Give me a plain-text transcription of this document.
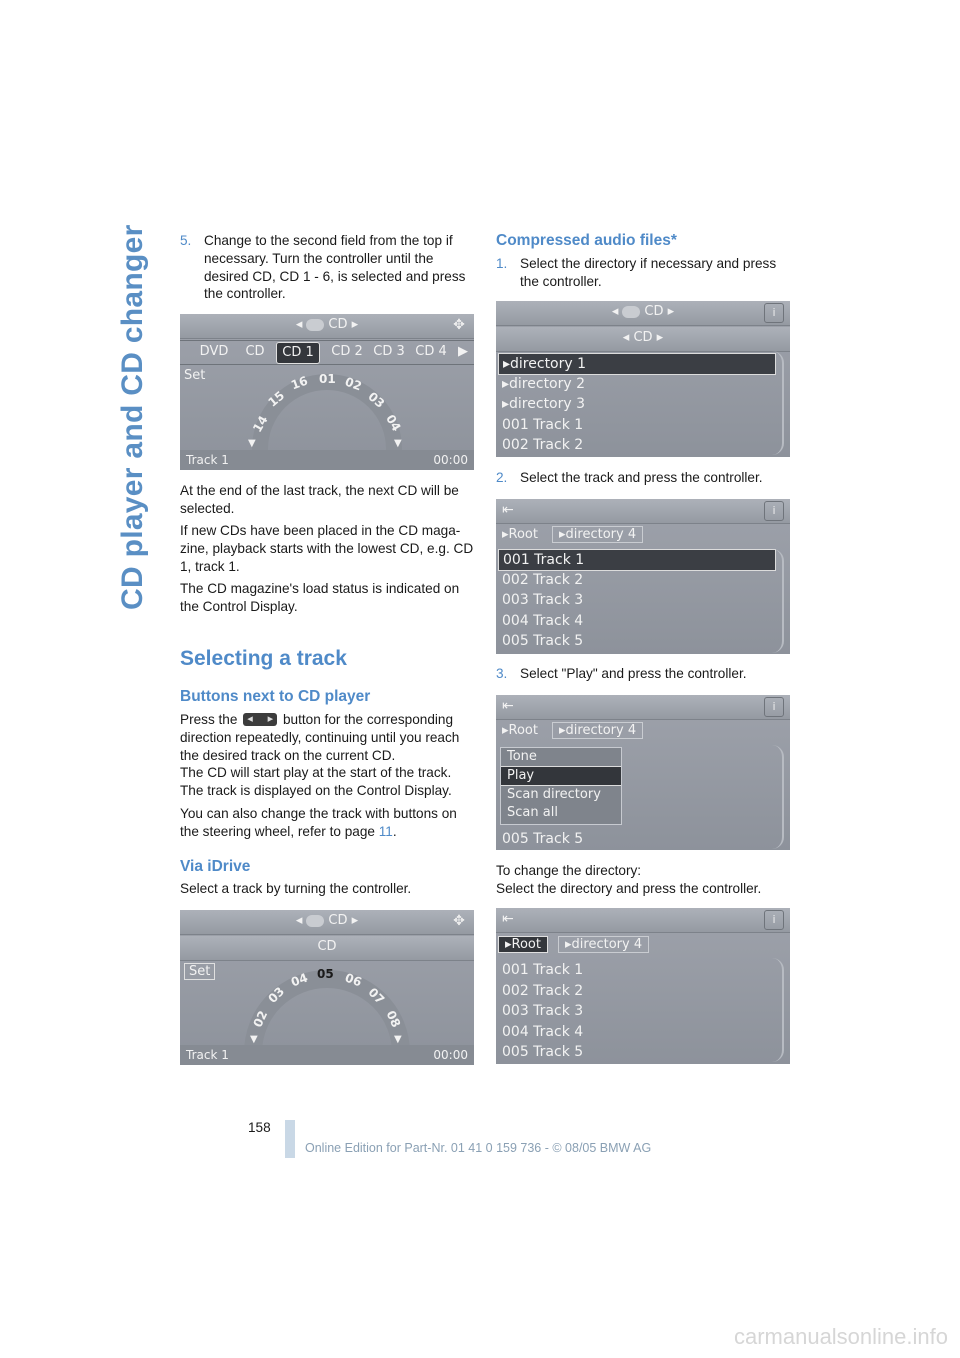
CD player and CD changer	5. Change to the second field from the top if necessary. Turn the controller until the desired CD, CD 1 - 6, is selected and press the controller.

◂ CD ▸	✥
DVD	CD	CD 1	CD 2 CD 3 CD 4 ▶
Set
14
15
16 01 02
03
04
▼	▼
Track 1	00:00

At the end of the last track, the next CD will be selected.

If new CDs have been placed in the CD maga-zine, playback starts with the lowest CD, e.g. CD 1, track 1.

The CD magazine's load status is indicated on the Control Display.

Selecting a track
Buttons next to CD player

Press the ◂ ▸	button for the corresponding direction repeatedly, continuing until you reach the desired track on the current CD.
The CD will start play at the start of the track.
The track is displayed on the Control Display.

You can also change the track with buttons on the steering wheel, refer to page 11.

Via iDrive

Select a track by turning the controller.

◂ CD ▸	✥
CD
Set
02
03
04 05 06
07
08
▼	▼
Track 1	00:00
Compressed audio files*

1. Select the directory if necessary and press the controller.

◂ CD ▸	i
◂ CD ▸
▸directory 1
▸directory 2
▸directory 3
001 Track 1
002 Track 2

2. Select the track and press the controller.

⇤	i
▸Root	▸directory 4
001 Track 1
002 Track 2
003 Track 3
004 Track 4
005 Track 5

3. Select "Play" and press the controller.

⇤	i
▸Root	▸directory 4
Tone
Play
Scan directory
Scan all
005 Track 5

To change the directory:
Select the directory and press the controller.

⇤	i
▸Root	▸directory 4
001 Track 1
002 Track 2
003 Track 3
004 Track 4
005 Track 5
158
Online Edition for Part-Nr. 01 41 0 159 736 - © 08/05 BMW AG
carmanualsonline.info
